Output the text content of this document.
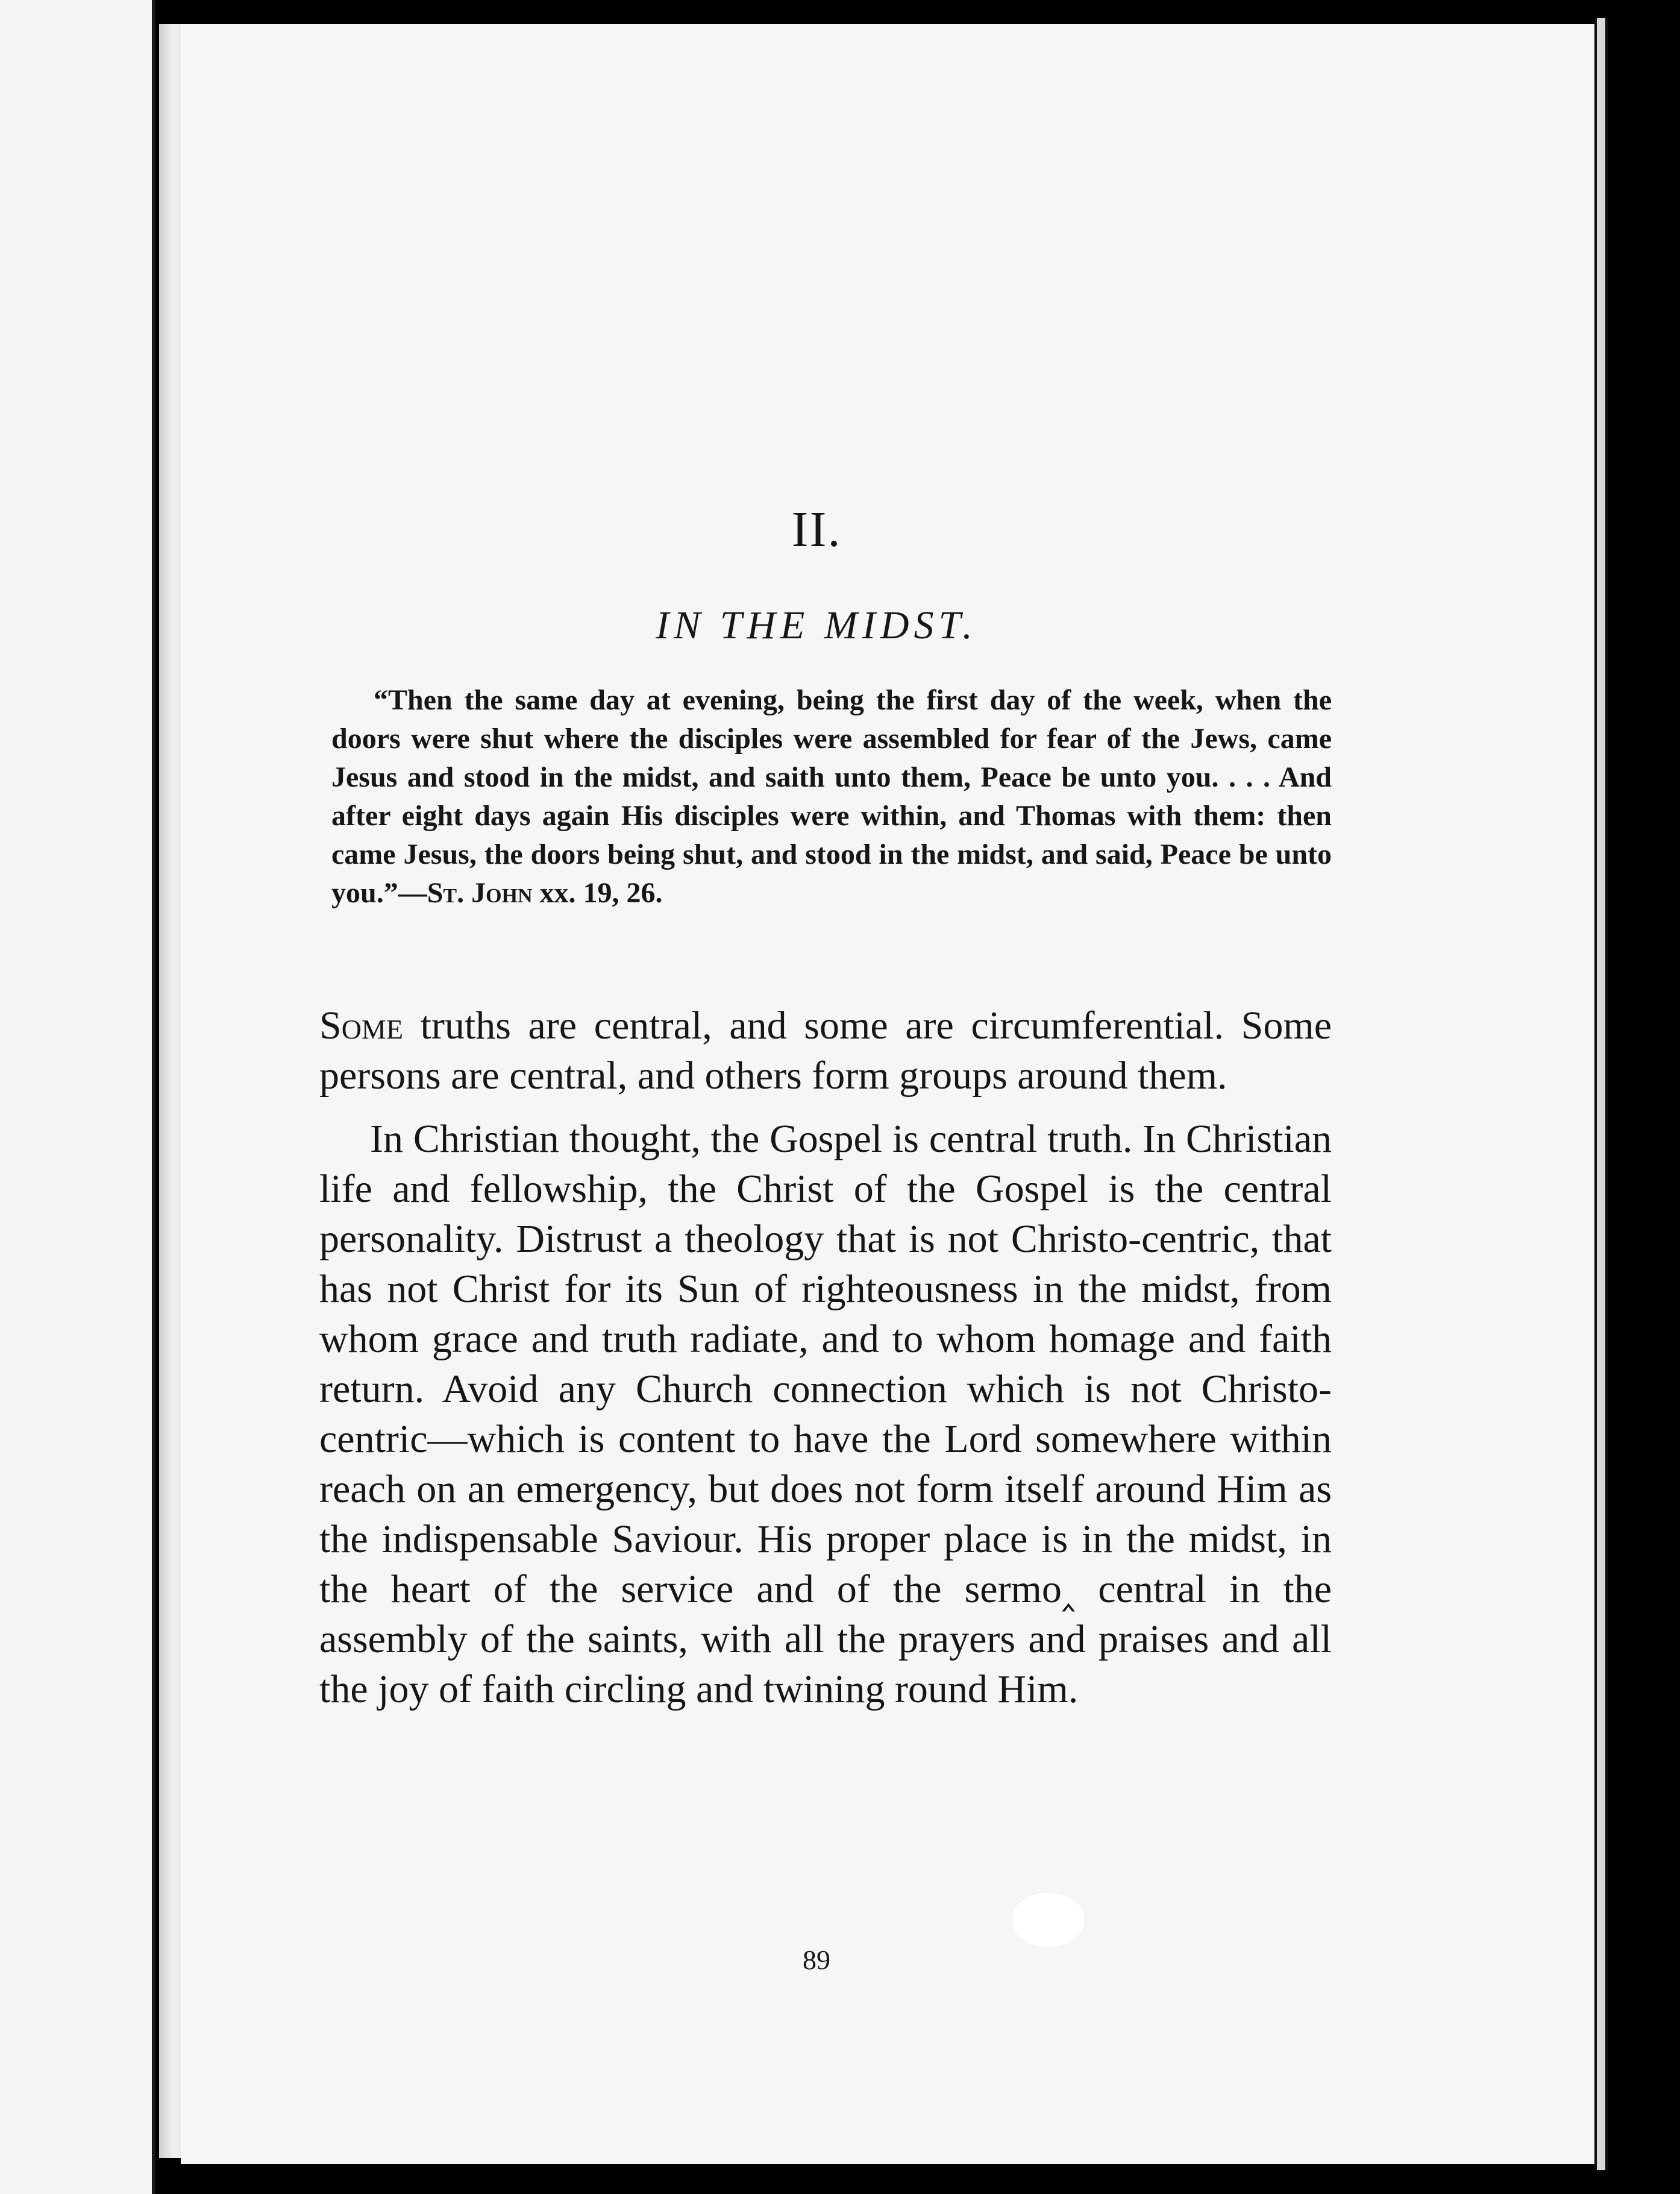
II.
IN THE MIDST.
“Then the same day at evening, being the first day of the week, when the doors were shut where the disciples were assembled for fear of the Jews, came Jesus and stood in the midst, and saith unto them, Peace be unto you. . . . And after eight days again His disciples were within, and Thomas with them: then came Jesus, the doors being shut, and stood in the midst, and said, Peace be unto you.”—St. John xx. 19, 26.

Some truths are central, and some are circumferential. Some persons are central, and others form groups around them.

In Christian thought, the Gospel is central truth. In Christian life and fellowship, the Christ of the Gospel is the central personality. Distrust a theology that is not Christo-centric, that has not Christ for its Sun of righteousness in the midst, from whom grace and truth radiate, and to whom homage and faith return. Avoid any Church connection which is not Christo-centric—which is content to have the Lord somewhere within reach on an emergency, but does not form itself around Him as the indispensable Saviour. His proper place is in the midst, in the heart of the service and of the sermo‸ central in the assembly of the saints, with all the prayers and praises and all the joy of faith circling and twining round Him.

89
